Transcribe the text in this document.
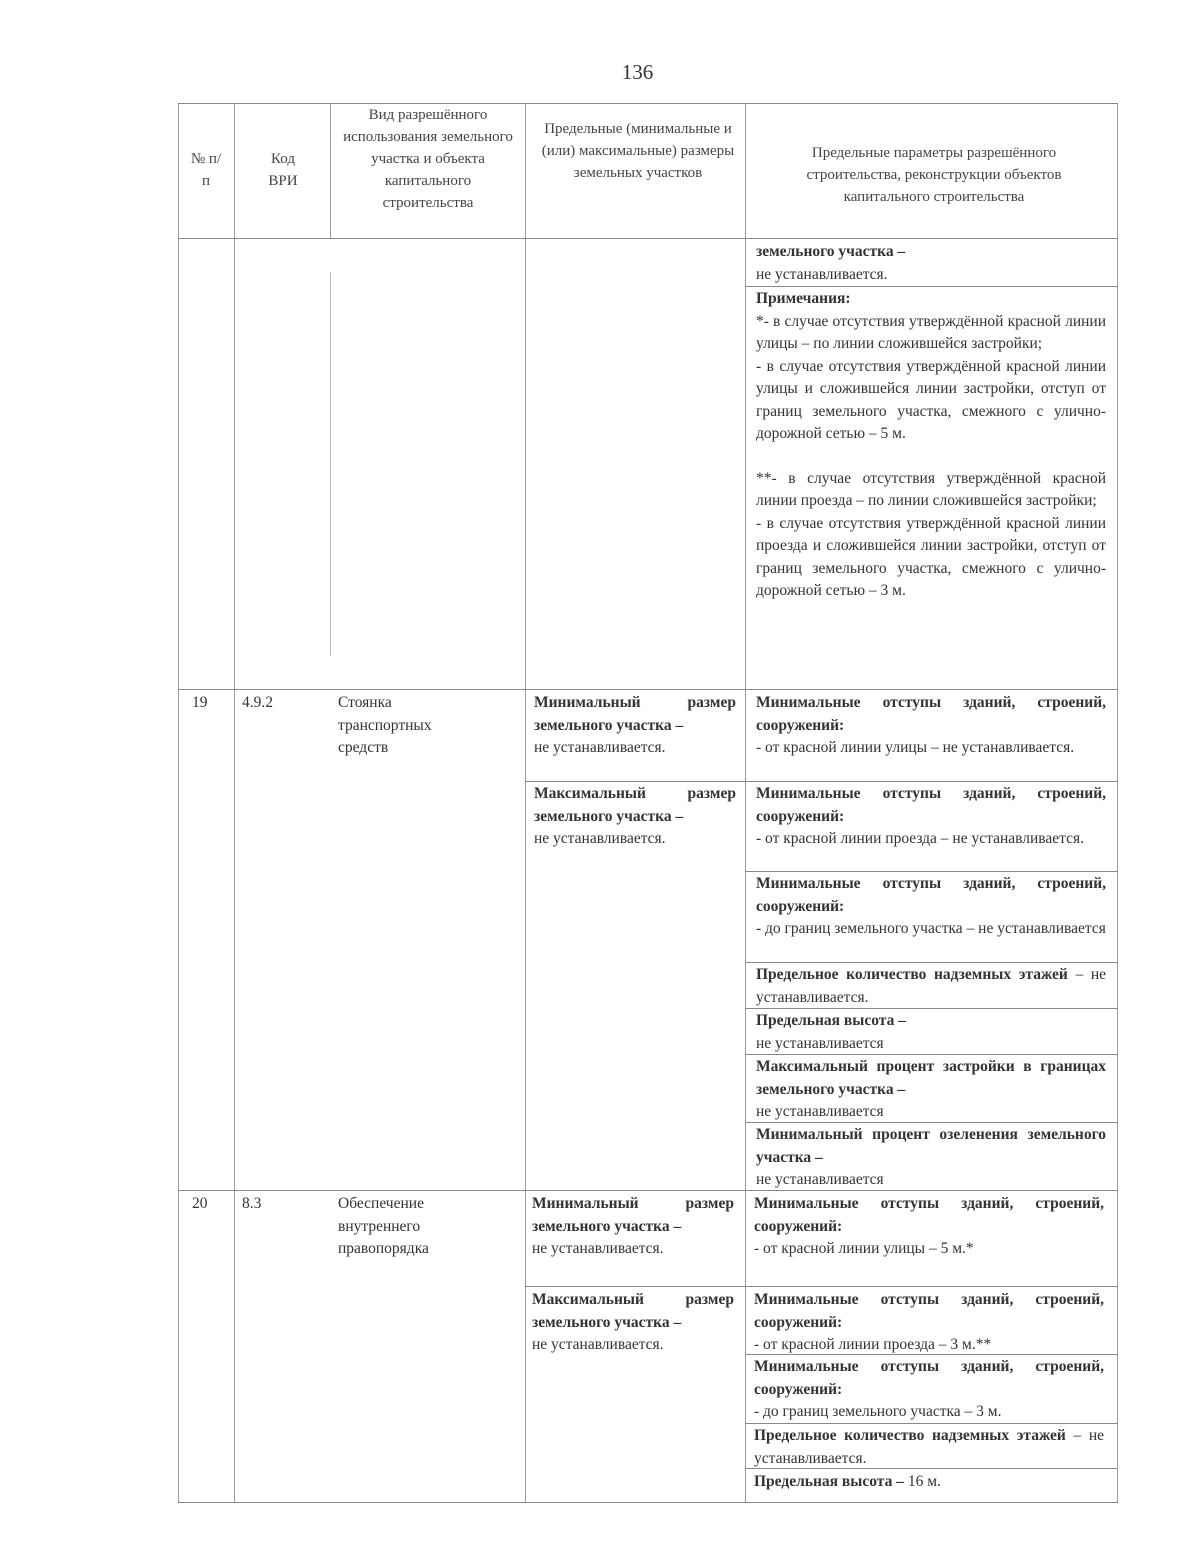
136
№ п/п
Код ВРИ
Вид разрешённого использования земельного участка и объекта капитального строительства
Предельные (минимальные и (или) максимальные) размеры земельных участков
Предельные параметры разрешённого строительства, реконструкции объектов капитального строительства
земельного участка –
не устанавливается.
Примечания:
*- в случае отсутствия утверждённой красной линии улицы – по линии сложившейся застройки;
- в случае отсутствия утверждённой красной линии улицы и сложившейся линии застройки, отступ от границ земельного участка, смежного с улично-дорожной сетью – 5 м.
**- в случае отсутствия утверждённой красной линии проезда – по линии сложившейся застройки;
- в случае отсутствия утверждённой красной линии проезда и сложившейся линии застройки, отступ от границ земельного участка, смежного с улично-дорожной сетью – 3 м.
19 4.9.2	Стоянка транспортных средств
Минимальный размер земельного участка –
не устанавливается.
Максимальный размер земельного участка –
не устанавливается.
Минимальные отступы зданий, строений, сооружений:
- от красной линии улицы – не устанавливается.
Минимальные отступы зданий, строений, сооружений:
- от красной линии проезда – не устанавливается.
Минимальные отступы зданий, строений, сооружений:
- до границ земельного участка – не устанавливается
Предельное количество надземных этажей – не устанавливается.
Предельная высота –
не устанавливается
Максимальный процент застройки в границах земельного участка –
не устанавливается
Минимальный процент озеленения земельного участка –
не устанавливается
20 8.3	Обеспечение внутреннего правопорядка
Минимальный размер земельного участка –
не устанавливается.
Максимальный размер земельного участка –
не устанавливается.
Минимальные отступы зданий, строений, сооружений:
- от красной линии улицы – 5 м.*
Минимальные отступы зданий, строений, сооружений:
- от красной линии проезда – 3 м.**
Минимальные отступы зданий, строений, сооружений:
- до границ земельного участка – 3 м.
Предельное количество надземных этажей – не устанавливается.
Предельная высота – 16 м.
